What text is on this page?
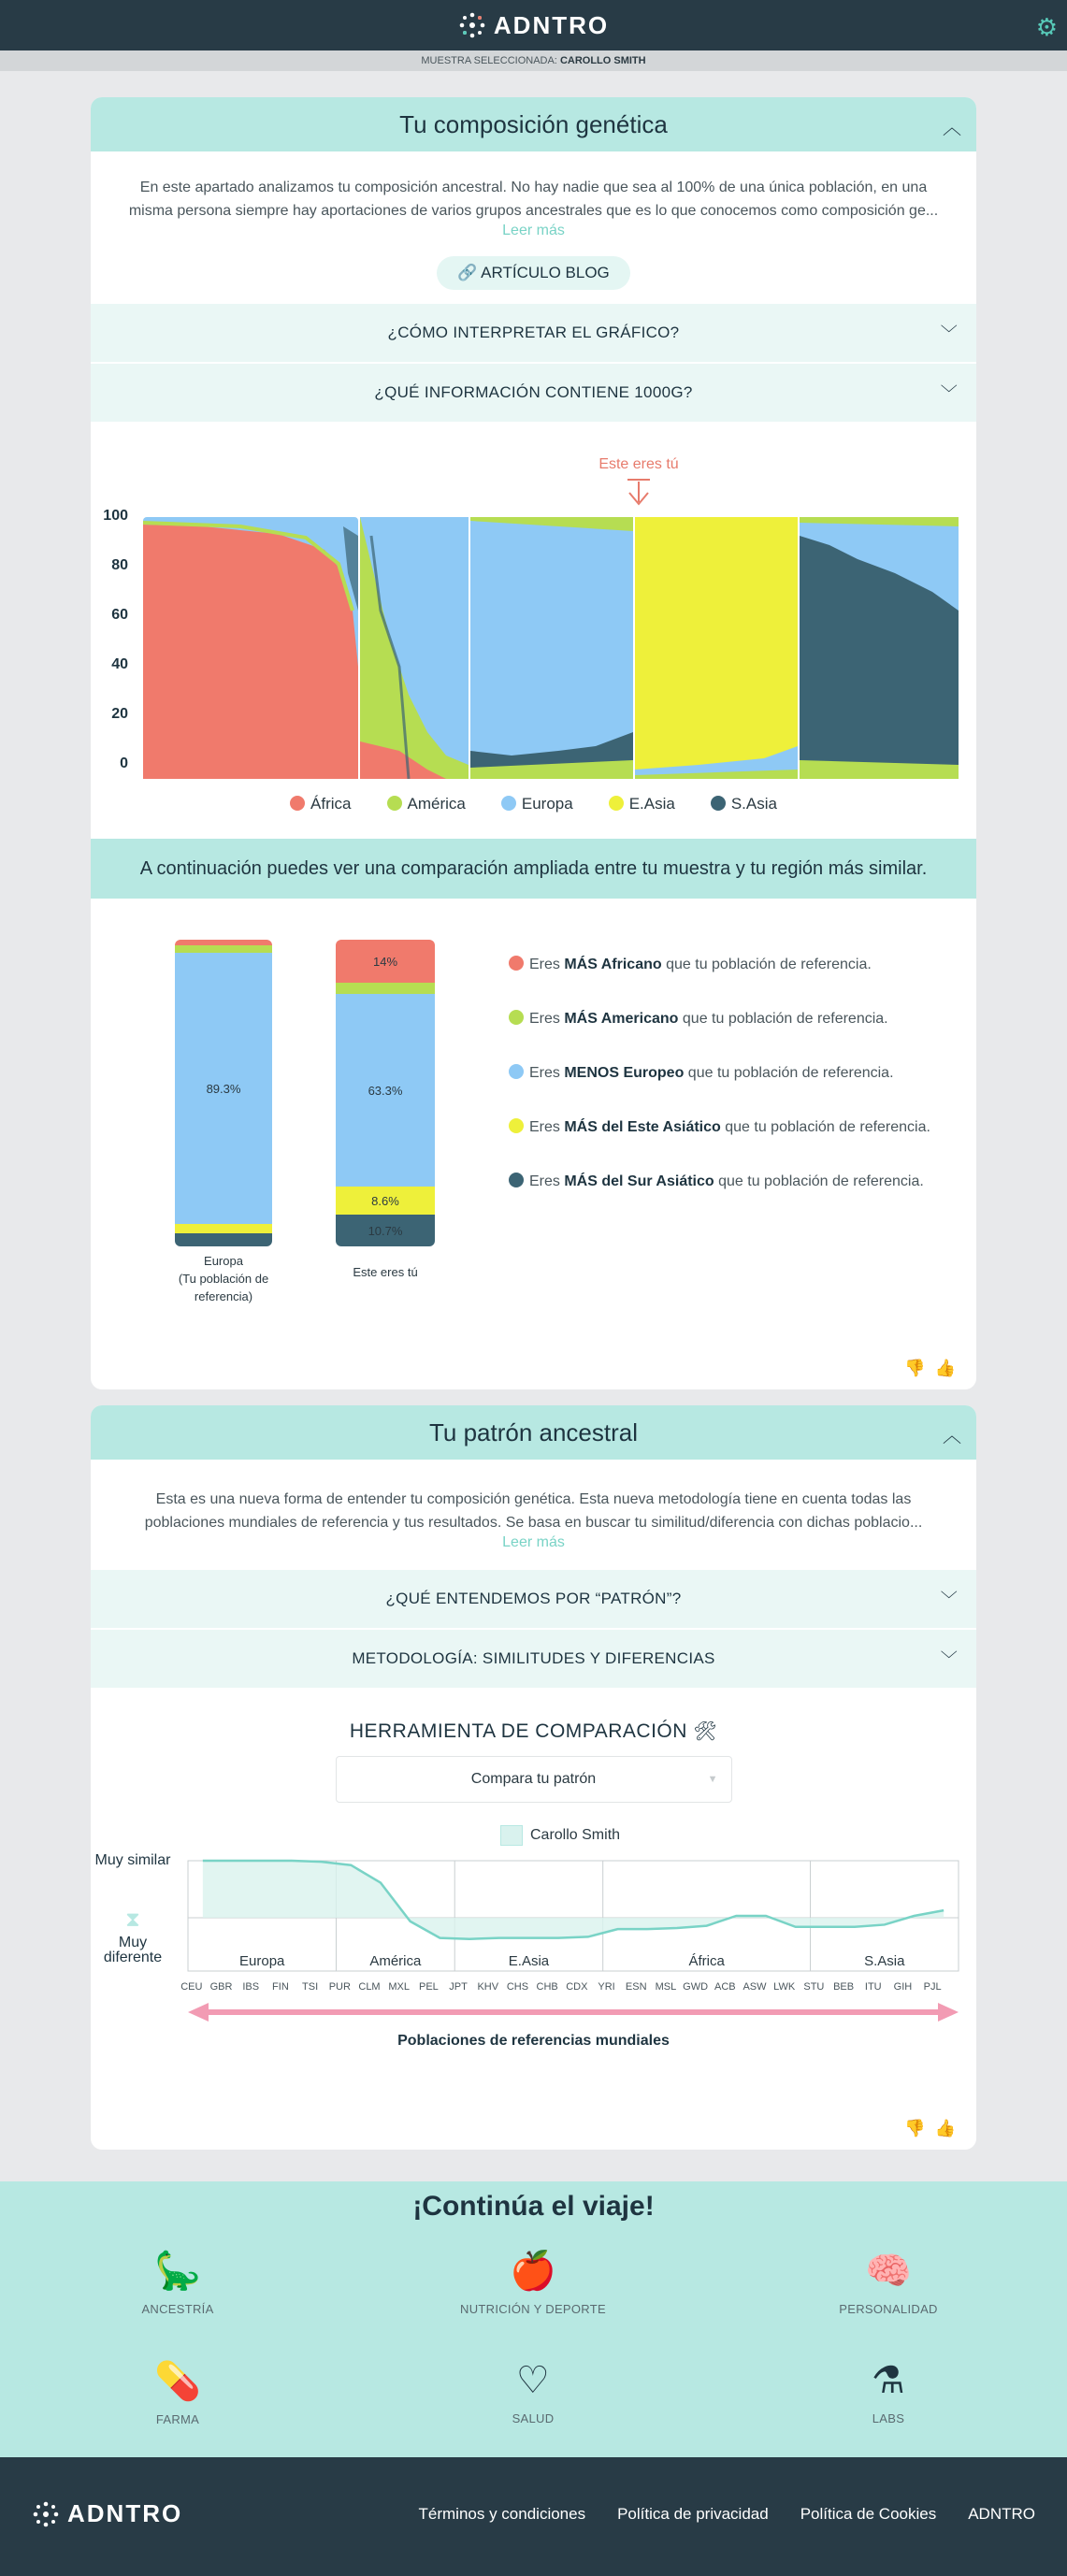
ADNTRO	⚙
MUESTRA SELECCIONADA: CAROLLO SMITH
Tu composición genética	︿
En este apartado analizamos tu composición ancestral. No hay nadie que sea al 100% de una única población, en una
misma persona siempre hay aportaciones de varios grupos ancestrales que es lo que conocemos como composición ge...
Leer más
🔗 ARTÍCULO BLOG
¿CÓMO INTERPRETAR EL GRÁFICO?	﹀
¿QUÉ INFORMACIÓN CONTIENE 1000G?	﹀
Este eres tú
100
80
60
40
20
0
África	América	Europa	E.Asia	S.Asia
A continuación puedes ver una comparación ampliada entre tu muestra y tu región más similar.
89.3%
14%
63.3%
8.6%
10.7%
Europa
(Tu población de
referencia)
Este eres tú
Eres MÁS Africano que tu población de referencia.
Eres MÁS Americano que tu población de referencia.
Eres MENOS Europeo que tu población de referencia.
Eres MÁS del Este Asiático que tu población de referencia.
Eres MÁS del Sur Asiático que tu población de referencia.
👎👍
Tu patrón ancestral	︿
Esta es una nueva forma de entender tu composición genética. Esta nueva metodología tiene en cuenta todas las
poblaciones mundiales de referencia y tus resultados. Se basa en buscar tu similitud/diferencia con dichas poblacio...
Leer más
¿QUÉ ENTENDEMOS POR “PATRÓN”?	﹀
METODOLOGÍA: SIMILITUDES Y DIFERENCIAS	﹀
HERRAMIENTA DE COMPARACIÓN 🛠
Compara tu patrón	▼
Carollo Smith
Muy similar
⧗
Muy diferente	Europa	América	E.Asia	África	S.Asia
CEU GBR IBS FIN TSI PUR CLM MXL PEL JPT KHV CHS CHB CDX YRI ESN MSL GWD ACB ASW LWK STU BEB ITU GIH PJL
Poblaciones de referencias mundiales
👎👍
¡Continúa el viaje!
🦕
ANCESTRÍA
🍎
NUTRICIÓN Y DEPORTE
🧠
PERSONALIDAD
💊
FARMA
♡
SALUD
⚗
LABS
ADNTRO	Términos y condiciones Política de privacidad Política de Cookies ADNTRO
